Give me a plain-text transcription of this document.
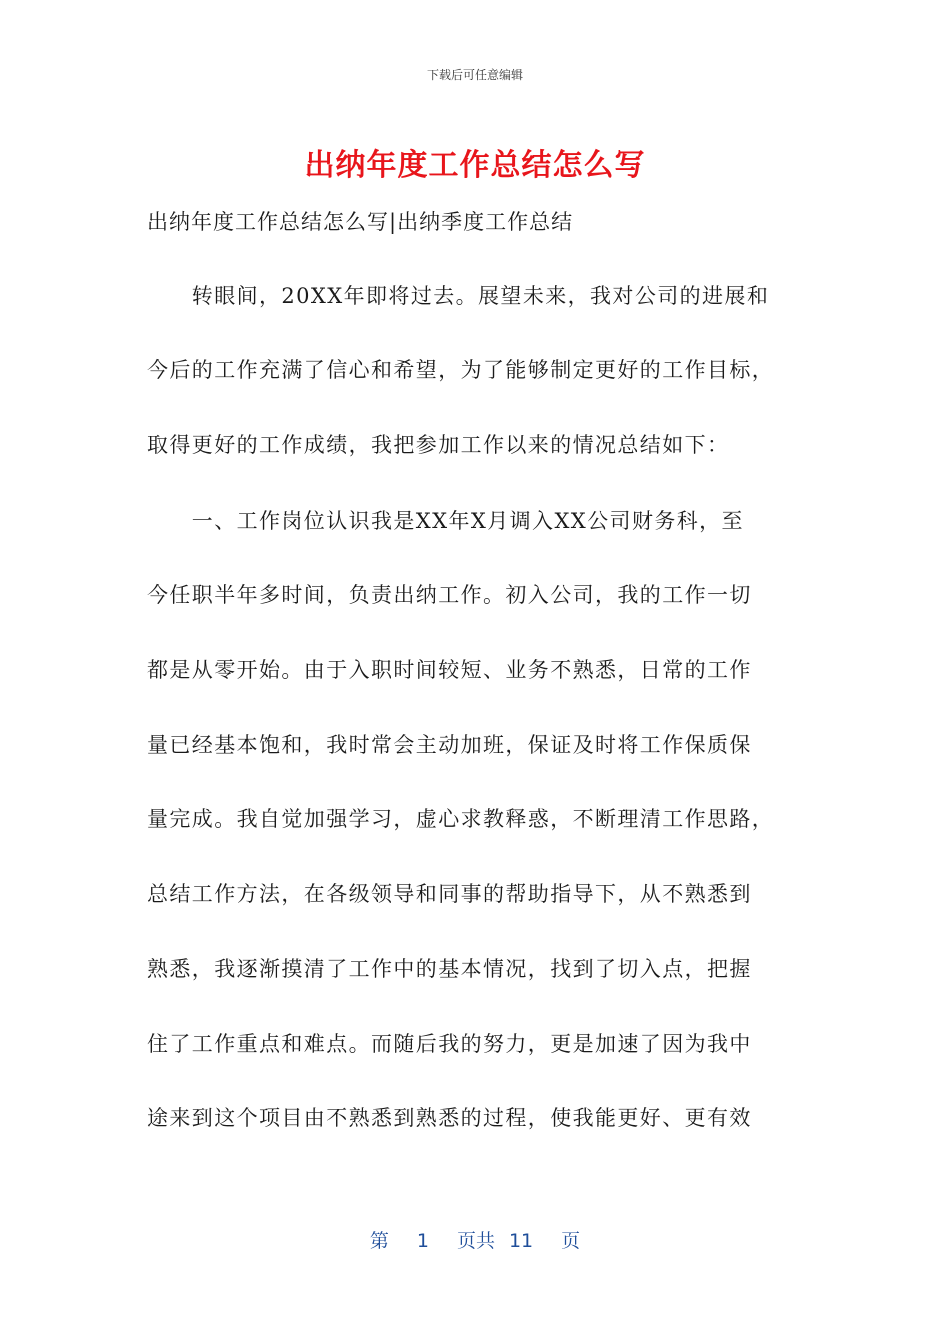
下载后可任意编辑
出纳年度工作总结怎么写
出纳年度工作总结怎么写|出纳季度工作总结
　　转眼间，20XX年即将过去。展望未来，我对公司的进展和
今后的工作充满了信心和希望，为了能够制定更好的工作目标，
取得更好的工作成绩，我把参加工作以来的情况总结如下：
　　一、工作岗位认识我是XX年X月调入XX公司财务科，至
今任职半年多时间，负责出纳工作。初入公司，我的工作一切
都是从零开始。由于入职时间较短、业务不熟悉，日常的工作
量已经基本饱和，我时常会主动加班，保证及时将工作保质保
量完成。我自觉加强学习，虚心求教释惑，不断理清工作思路，
总结工作方法，在各级领导和同事的帮助指导下，从不熟悉到
熟悉，我逐渐摸清了工作中的基本情况，找到了切入点，把握
住了工作重点和难点。而随后我的努力，更是加速了因为我中
途来到这个项目由不熟悉到熟悉的过程，使我能更好、更有效
第 1 页共 11 页
